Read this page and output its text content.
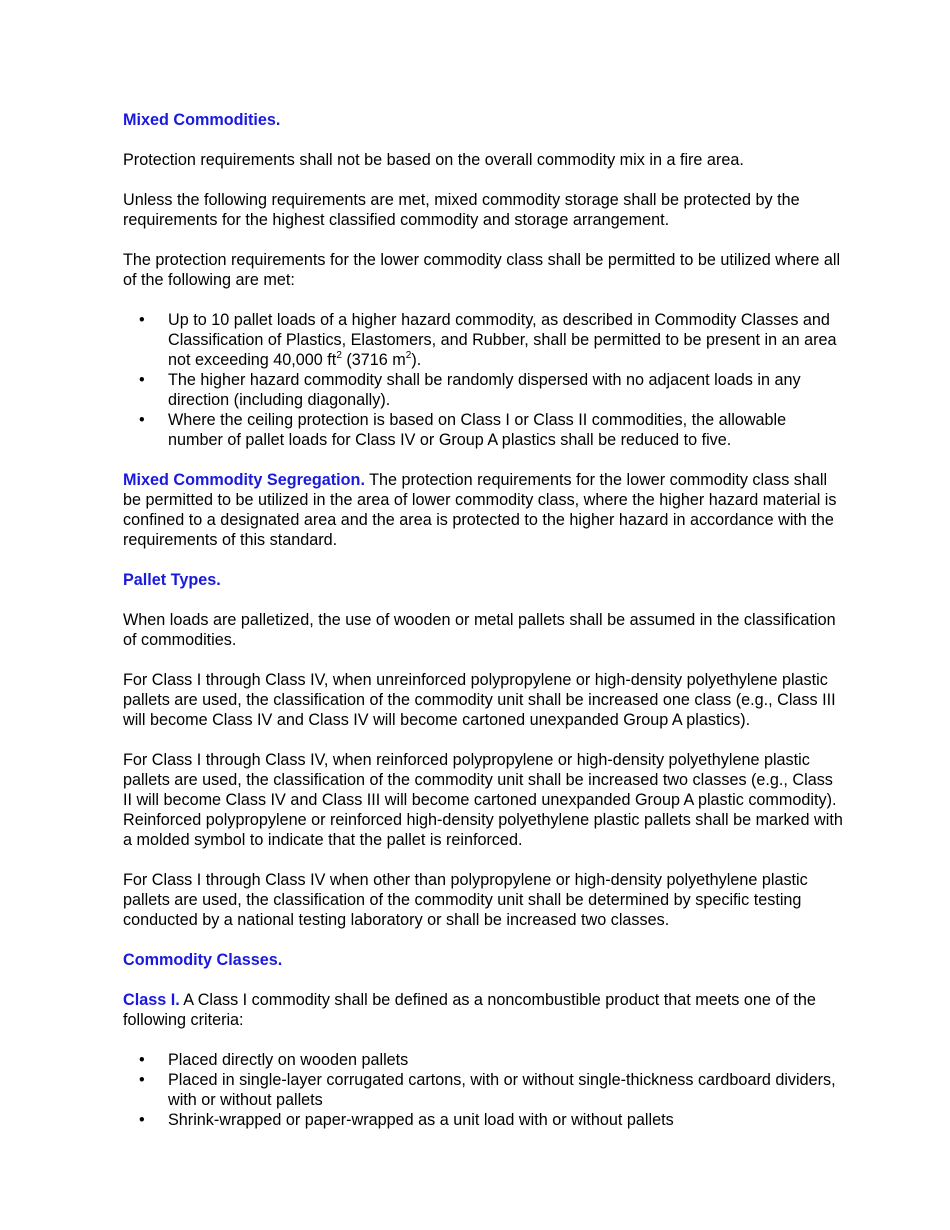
Mixed Commodities.

Protection requirements shall not be based on the overall commodity mix in a fire area.

Unless the following requirements are met, mixed commodity storage shall be protected by the requirements for the highest classified commodity and storage arrangement.

The protection requirements for the lower commodity class shall be permitted to be utilized where all of the following are met:

• Up to 10 pallet loads of a higher hazard commodity, as described in Commodity Classes and Classification of Plastics, Elastomers, and Rubber, shall be permitted to be present in an area not exceeding 40,000 $ft^2$ (3716 $m^2$).
• The higher hazard commodity shall be randomly dispersed with no adjacent loads in any direction (including diagonally).
• Where the ceiling protection is based on Class I or Class II commodities, the allowable number of pallet loads for Class IV or Group A plastics shall be reduced to five.

Mixed Commodity Segregation. The protection requirements for the lower commodity class shall be permitted to be utilized in the area of lower commodity class, where the higher hazard material is confined to a designated area and the area is protected to the higher hazard in accordance with the requirements of this standard.

Pallet Types.

When loads are palletized, the use of wooden or metal pallets shall be assumed in the classification of commodities.

For Class I through Class IV, when unreinforced polypropylene or high-density polyethylene plastic pallets are used, the classification of the commodity unit shall be increased one class (e.g., Class III will become Class IV and Class IV will become cartoned unexpanded Group A plastics).

For Class I through Class IV, when reinforced polypropylene or high-density polyethylene plastic pallets are used, the classification of the commodity unit shall be increased two classes (e.g., Class II will become Class IV and Class III will become cartoned unexpanded Group A plastic commodity). Reinforced polypropylene or reinforced high-density polyethylene plastic pallets shall be marked with a molded symbol to indicate that the pallet is reinforced.

For Class I through Class IV when other than polypropylene or high-density polyethylene plastic pallets are used, the classification of the commodity unit shall be determined by specific testing conducted by a national testing laboratory or shall be increased two classes.

Commodity Classes.

Class I. A Class I commodity shall be defined as a noncombustible product that meets one of the following criteria:

• Placed directly on wooden pallets
• Placed in single-layer corrugated cartons, with or without single-thickness cardboard dividers, with or without pallets
• Shrink-wrapped or paper-wrapped as a unit load with or without pallets
